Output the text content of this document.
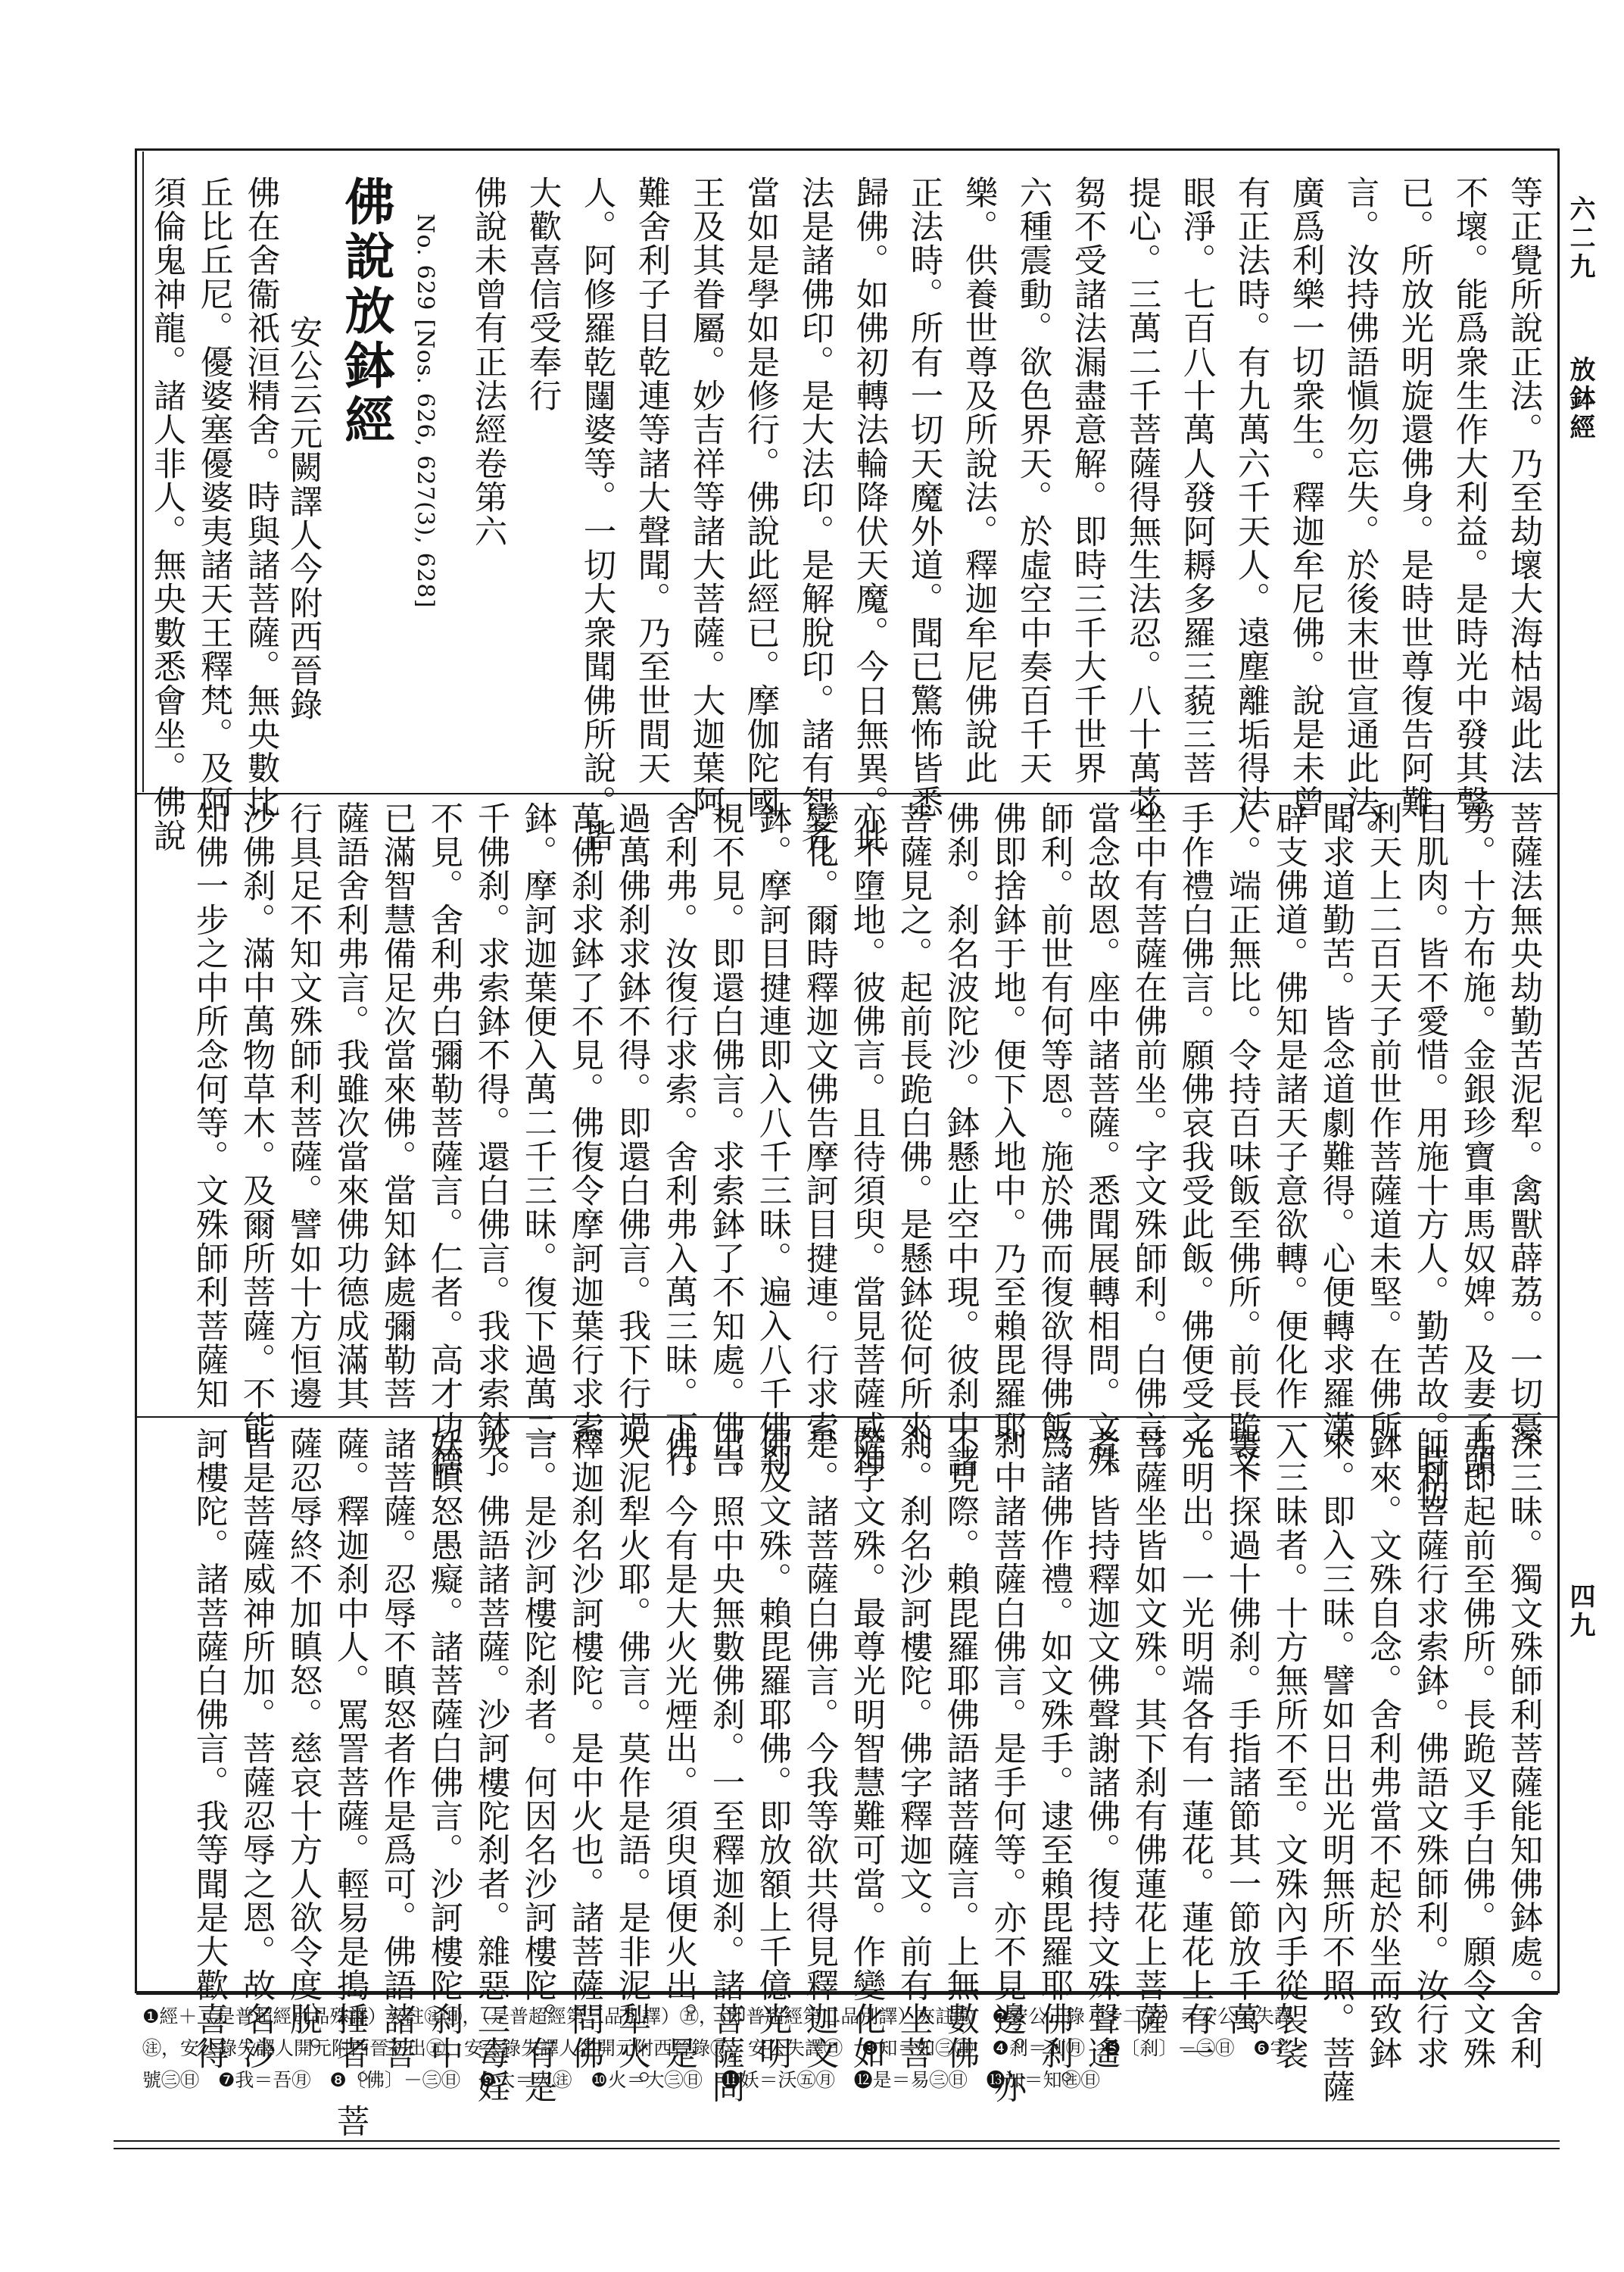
六二九
放鉢經
四九
No. 629 [Nos. 626, 627(3), 628]
佛說放鉢經
安公云元闕譯人今附西晉錄
須倫鬼神龍。諸人非人。無央數悉會坐。佛說 丘比丘尼。優婆塞優婆夷諸天王釋梵。及阿 佛在舍衞祇洹精舍。時與諸菩薩。無央數比	等正覺所說正法。乃至劫壞大海枯竭此法
不壞。能爲衆生作大利益。是時光中發其聲
已。所放光明旋還佛身。是時世尊復告阿難
言。汝持佛語愼勿忘失。於後末世宣通此法。
廣爲利樂一切衆生。釋迦牟尼佛。說是未曾
有正法時。有九萬六千天人。遠塵離垢得法
眼淨。七百八十萬人發阿耨多羅三藐三菩
提心。三萬二千菩薩得無生法忍。八十萬苾
芻不受諸法漏盡意解。即時三千大千世界
六種震動。欲色界天。於虛空中奏百千天
樂。供養世尊及所說法。釋迦牟尼佛說此
正法時。所有一切天魔外道。聞已驚怖皆悉
歸佛。如佛初轉法輪降伏天魔。今日無異。此
法是諸佛印。是大法印。是解脫印。諸有智者。
當如是學如是修行。佛說此經已。摩伽陀國
王及其眷屬。妙吉祥等諸大菩薩。大迦葉阿
難舍利子目乾連等諸大聲聞。乃至世間天
人。阿修羅乾闥婆等。一切大衆聞佛所說。皆
大歡喜信受奉行
佛說未曾有正法經卷第六
菩薩法無央劫勤苦泥犁。禽獸薜荔。一切憂
勞。十方布施。金銀珍寶車馬奴婢。及妻子頭
目肌肉。皆不愛惜。用施十方人。勤苦故。時忉
利天上二百天子前世作菩薩道未堅。在佛所
聞求道勤苦。皆念道劇難得。心便轉求羅漢
辟支佛道。佛知是諸天子意欲轉。便化作一
人。端正無比。令持百味飯至佛所。前長跪叉
手作禮白佛言。願佛哀我受此飯。佛便受之。
坐中有菩薩在佛前坐。字文殊師利。白佛言。
當念故恩。座中諸菩薩。悉聞展轉相問。文殊
師利。前世有何等恩。施於佛而復欲得佛飯。
佛即捨鉢于地。便下入地中。乃至賴毘羅耶
佛刹。刹名波陀沙。鉢懸止空中現。彼刹中諸
菩薩見之。起前長跪白佛。是懸鉢從何所來。
亦不墮地。彼佛言。且待須臾。當見菩薩威神
變化。爾時釋迦文佛告摩訶目揵連。行求索
鉢。摩訶目揵連即入八千三昧。遍入八千佛刹
視不見。即還白佛言。求索鉢了不知處。佛告
舍利弗。汝復行求索。舍利弗入萬三昧。下行
過萬佛刹求鉢不得。即還白佛言。我下行過
萬佛刹求鉢了不見。佛復令摩訶迦葉行求索
鉢。摩訶迦葉便入萬二千三昧。復下過萬二
千佛刹。求索鉢不得。還白佛言。我求索鉢了
不見。舍利弗白彌勒菩薩言。仁者。高才功德
已滿智慧備足次當來佛。當知鉢處彌勒菩
薩語舍利弗言。我雖次當來佛功德成滿其
行具足不知文殊師利菩薩。譬如十方恒邊
沙佛刹。滿中萬物草木。及爾所菩薩。不能
知佛一步之中所念何等。文殊師利菩薩知
深三昧。獨文殊師利菩薩能知佛鉢處。舍利
弗即起前至佛所。長跪叉手白佛。願令文殊
師利菩薩行求索鉢。佛語文殊師利。汝行求
鉢來。文殊自念。舍利弗當不起於坐而致鉢
來。即入三昧。譬如日出光明無所不照。菩薩
入三昧者。十方無所不至。文殊內手從袈裟
裏下探過十佛刹。手指諸節其一節放千萬
光明出。一光明端各有一蓮花。蓮花上有一
菩薩坐皆如文殊。其下刹有佛蓮花上菩薩
者。皆持釋迦文佛聲謝諸佛。復持文殊聲遙
爲諸佛作禮。如文殊手。逮至賴毘羅耶佛刹。
刹中諸菩薩白佛言。是手何等。亦不見邊。亦
不見際。賴毘羅耶佛語諸菩薩言。上無數佛
刹。刹名沙訶樓陀。佛字釋迦文。前有坐菩
薩字文殊。最尊光明智慧難可當。作變化如
是。諸菩薩白佛言。今我等欲共得見釋迦文
佛及文殊。賴毘羅耶佛。即放額上千億光明
出。照中央無數佛刹。一至釋迦刹。諸菩薩問
佛。今有是大火光煙出。須臾頃便火出。是
火泥犁火耶。佛言。莫作是語。是非泥犁火。
釋迦刹名沙訶樓陀。是中火也。諸菩薩問佛
言。是沙訶樓陀刹者。何因名沙訶樓陀。有是
火。佛語諸菩薩。沙訶樓陀刹者。雜惡三毒婬
妖瞋怒愚癡。諸菩薩白佛言。沙訶樓陀刹中
諸菩薩。忍辱不瞋怒者作是爲可。佛語諸菩
薩。釋迦刹中人。罵詈菩薩。輕易是搗捶者。菩
薩忍辱終不加瞋怒。慈哀十方人欲令度脫。
皆是菩薩威神所加。菩薩忍辱之恩。故名沙
訶樓陀。諸菩薩白佛言。我等聞是大歡喜得
❶經＋（是普超經別品殊譯）夾註㊟㊐，（是普超經第三品別譯）㊄，（即普超經第二品別譯）夾註㊊　❷安公…錄（十二字）＝安公云失譯
㊟，安公錄失譯人開元附西晉初出㊄，安公錄失譯人名開元附西晉錄㊊，安公失譯㊐　❸知＝如㊂㊐　❹刹＝利㊊　❺〔刹〕－㊂㊐　❻字＝
號㊂㊐　❼我＝吾㊊　❽〔佛〕－㊂㊐　❾大＝火㊟　❿火＝大㊂㊐　⓫妖＝沃㊄㊊　⓬是＝易㊂㊐　⓭加＝知㊟㊐
